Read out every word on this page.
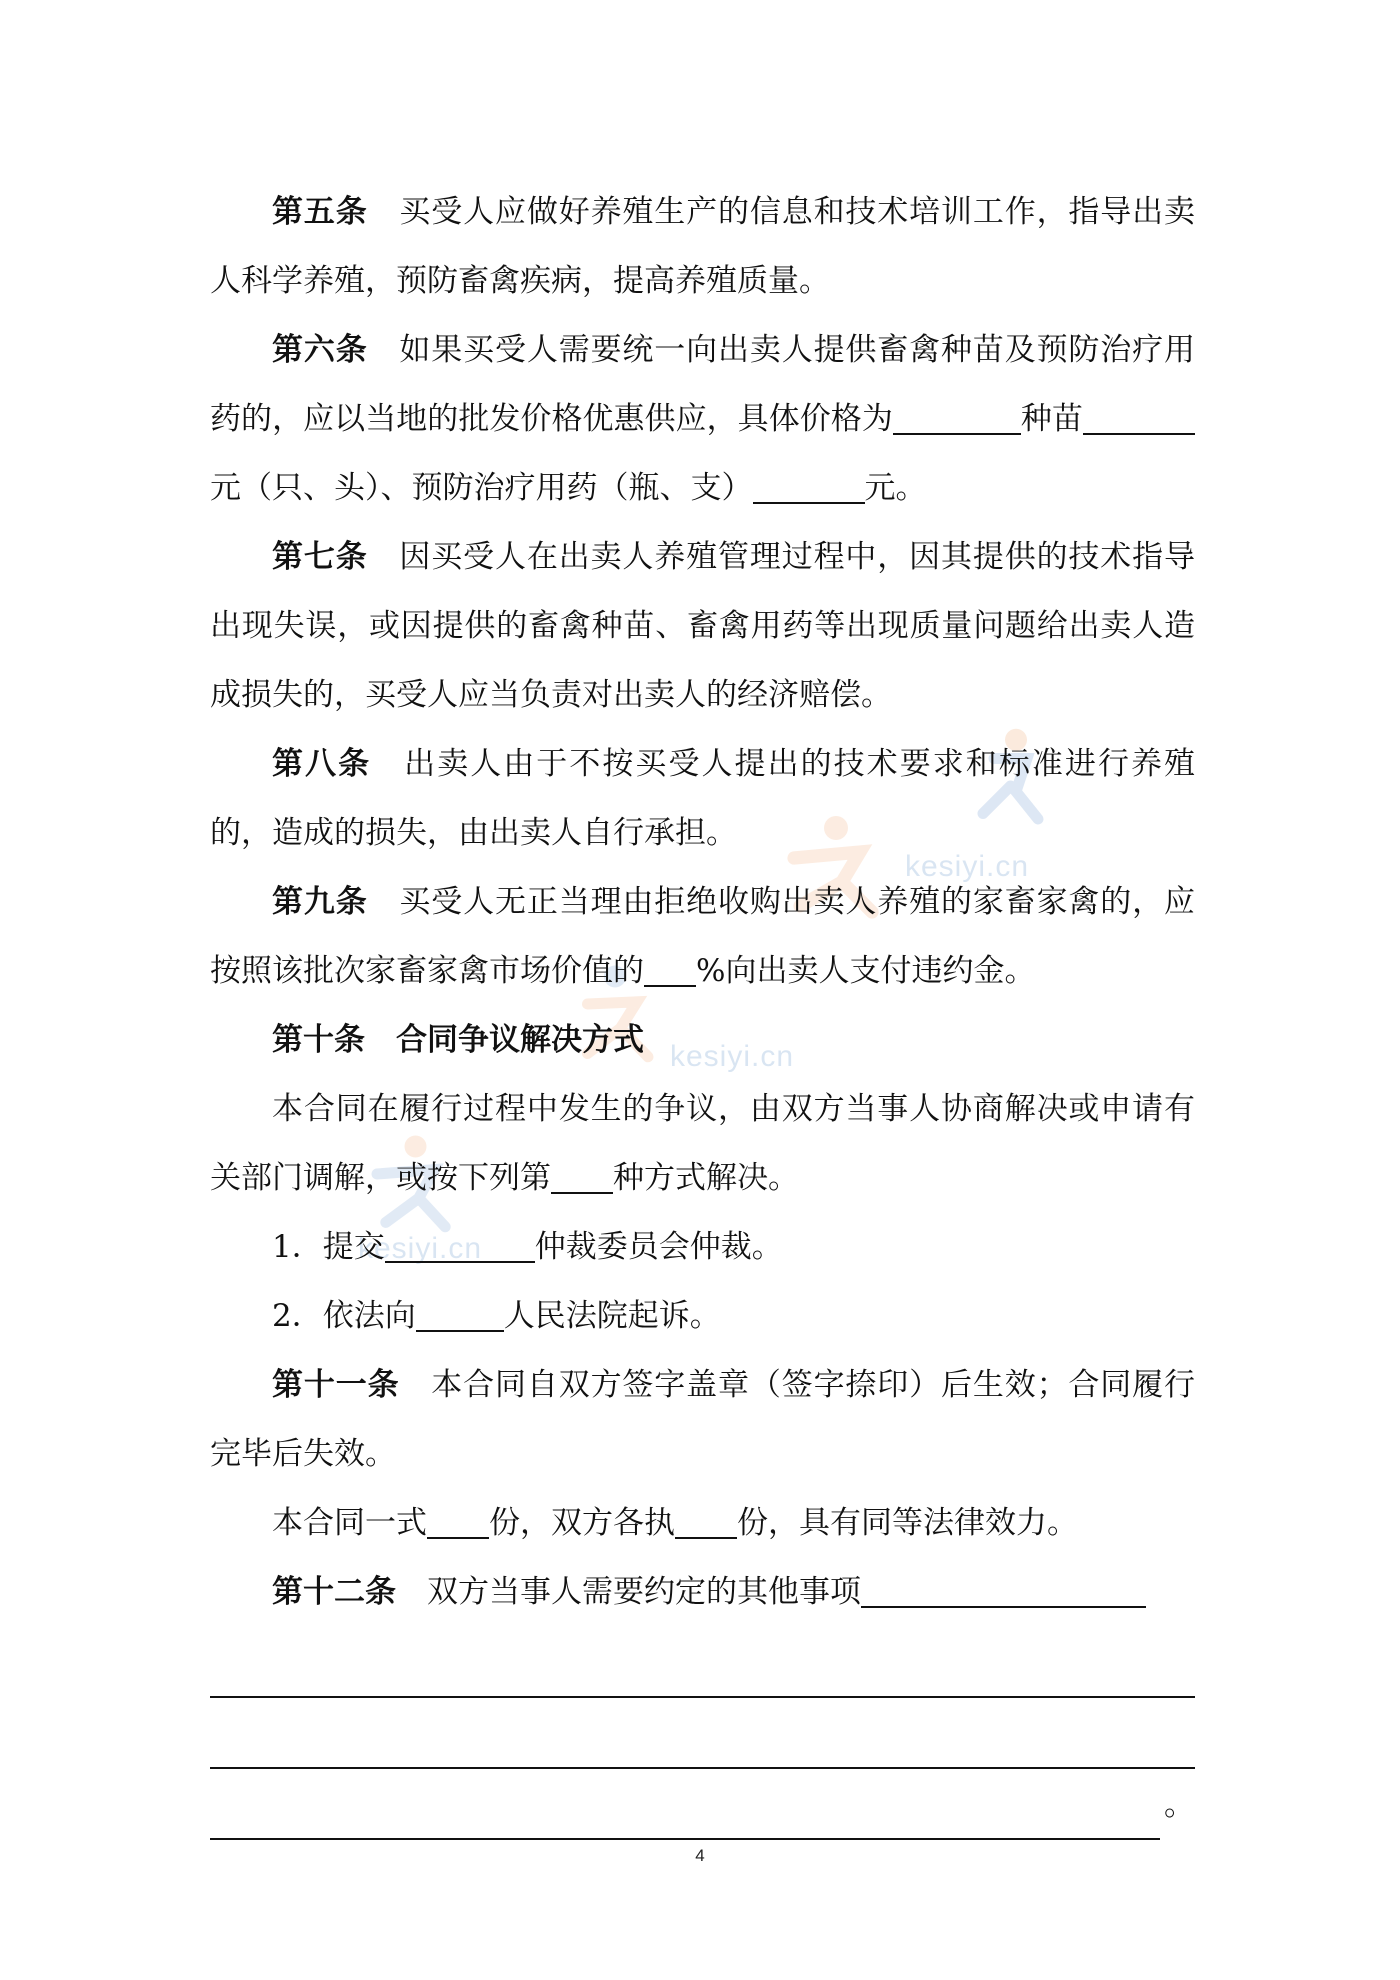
kesiyi.cn
kesiyi.cn
kesiyi.cn

第五条 买受人应做好养殖生产的信息和技术培训工作，指导出卖人科学养殖，预防畜禽疾病，提高养殖质量。

第六条 如果买受人需要统一向出卖人提供畜禽种苗及预防治疗用药的，应以当地的批发价格优惠供应，具体价格为	种苗元（只、头）、预防治疗用药（瓶、支）	元。

第七条 因买受人在出卖人养殖管理过程中，因其提供的技术指导出现失误，或因提供的畜禽种苗、畜禽用药等出现质量问题给出卖人造成损失的，买受人应当负责对出卖人的经济赔偿。

第八条 出卖人由于不按买受人提出的技术要求和标准进行养殖的，造成的损失，由出卖人自行承担。

第九条 买受人无正当理由拒绝收购出卖人养殖的家畜家禽的，应按照该批次家畜家禽市场价值的 %向出卖人支付违约金。

第十条 合同争议解决方式

本合同在履行过程中发生的争议，由双方当事人协商解决或申请有关部门调解，或按下列第 种方式解决。

1．提交	仲裁委员会仲裁。

2．依法向	人民法院起诉。

第十一条 本合同自双方签字盖章（签字捺印）后生效；合同履行完毕后失效。

本合同一式 份，双方各执 份，具有同等法律效力。

第十二条 双方当事人需要约定的其他事项

。
4
